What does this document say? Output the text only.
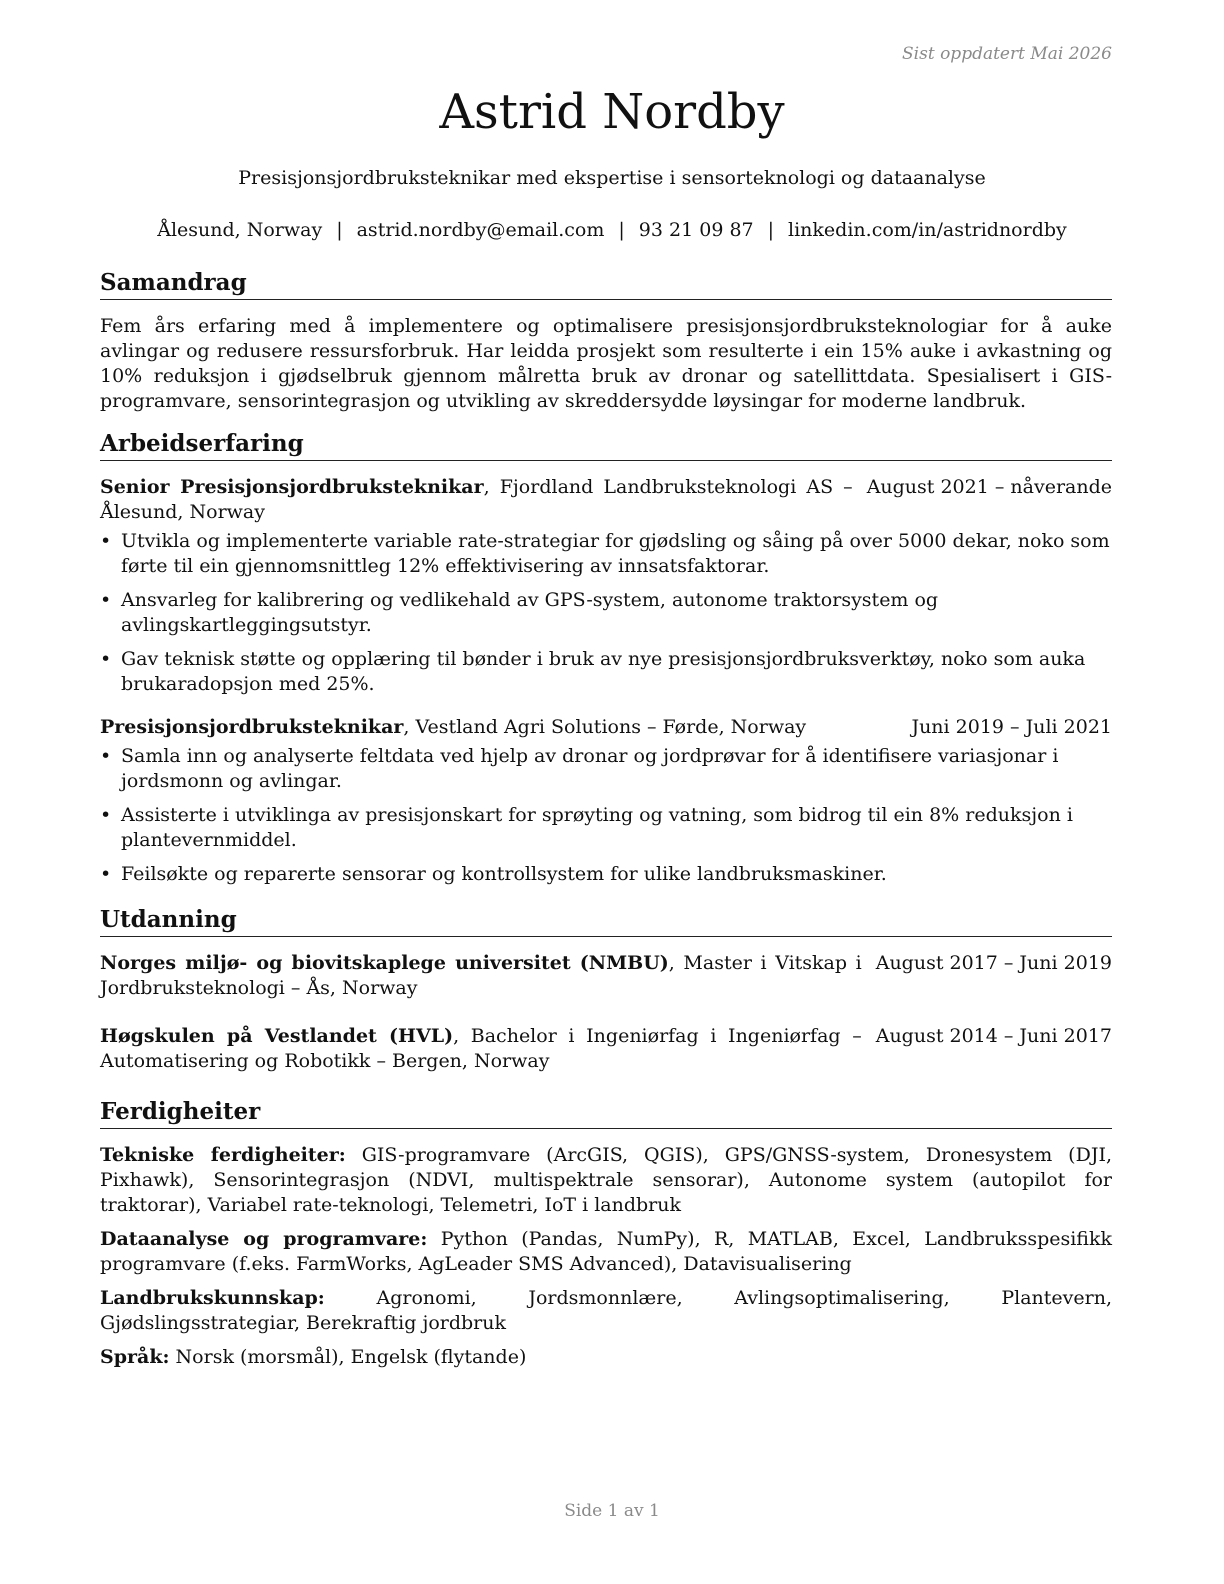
Sist oppdatert Mai 2026
Astrid Nordby
Presisjonsjordbruksteknikar med ekspertise i sensorteknologi og dataanalyse
Ålesund, Norway | astrid.nordby@email.com | 93 21 09 87 | linkedin.com/in/astridnordby
Samandrag
Fem års erfaring med å implementere og optimalisere presisjonsjordbruksteknologiar for å auke avlingar og redusere ressursforbruk. Har leidda prosjekt som resulterte i ein 15% auke i avkastning og 10% reduksjon i gjødselbruk gjennom målretta bruk av dronar og satellittdata. Spesialisert i GIS-programvare, sensorintegrasjon og utvikling av skreddersydde løysingar for moderne landbruk.
Arbeidserfaring
Senior Presisjonsjordbruksteknikar, Fjordland Landbruksteknologi AS – Ålesund, Norway
August 2021 – nåverande
• Utvikla og implementerte variable rate-strategiar for gjødsling og såing på over 5000 dekar, noko som førte til ein gjennomsnittleg 12% effektivisering av innsatsfaktorar.
• Ansvarleg for kalibrering og vedlikehald av GPS-system, autonome traktorsystem og avlingskartleggingsutstyr.
• Gav teknisk støtte og opplæring til bønder i bruk av nye presisjonsjordbruksverktøy, noko som auka brukaradopsjon med 25%.
Presisjonsjordbruksteknikar, Vestland Agri Solutions – Førde, Norway	Juni 2019 – Juli 2021
• Samla inn og analyserte feltdata ved hjelp av dronar og jordprøvar for å identifisere variasjonar i jordsmonn og avlingar.
• Assisterte i utviklinga av presisjonskart for sprøyting og vatning, som bidrog til ein 8% reduksjon i plantevernmiddel.
• Feilsøkte og reparerte sensorar og kontrollsystem for ulike landbruksmaskiner.
Utdanning
Norges miljø- og biovitskaplege universitet (NMBU), Master i Vitskap i Jordbruksteknologi – Ås, Norway
August 2017 – Juni 2019
Høgskulen på Vestlandet (HVL), Bachelor i Ingeniørfag i Ingeniørfag – Automatisering og Robotikk – Bergen, Norway
August 2014 – Juni 2017
Ferdigheiter
Tekniske ferdigheiter: GIS-programvare (ArcGIS, QGIS), GPS/GNSS-system, Dronesystem (DJI, Pixhawk), Sensorintegrasjon (NDVI, multispektrale sensorar), Autonome system (autopilot for traktorar), Variabel rate-teknologi, Telemetri, IoT i landbruk
Dataanalyse og programvare: Python (Pandas, NumPy), R, MATLAB, Excel, Landbruksspesifikk programvare (f.eks. FarmWorks, AgLeader SMS Advanced), Datavisualisering
Landbrukskunnskap: Agronomi, Jordsmonnlære, Avlingsoptimalisering, Plantevern, Gjødslingsstrategiar, Berekraftig jordbruk
Språk: Norsk (morsmål), Engelsk (flytande)
Side 1 av 1
